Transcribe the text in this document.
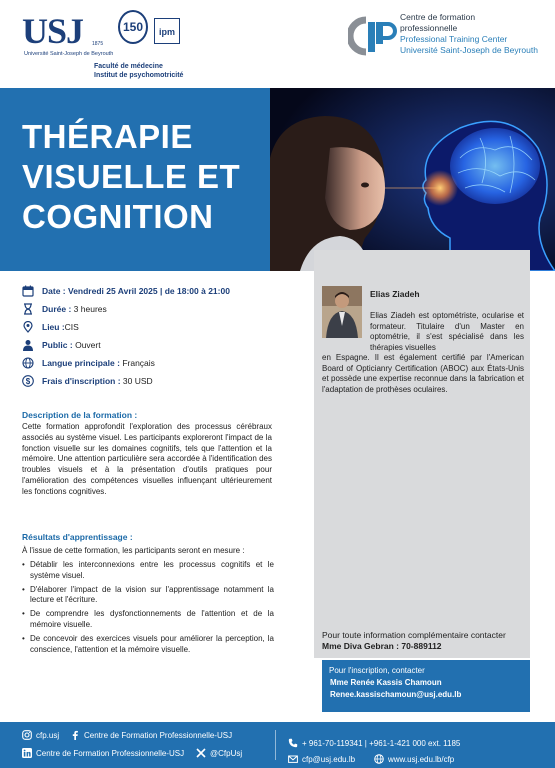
USJ 1875
Université Saint-Joseph de Beyrouth
150	ipm
Faculté de médecine
Institut de psychomotricité
Centre de formation
professionnelle
Professional Training Center
Université Saint-Joseph de Beyrouth
THÉRAPIE
VISUELLE ET
COGNITION
Date :
Vendredi 25 Avril 2025 | de 18:00 à 21:00
Durée :
3 heures
Lieu : CIS
Public :
Ouvert
Langue principale :
Français
$ Frais d'inscription :
30 USD
Elias Ziadeh
Elias Ziadeh est optométriste, ocularise et formateur. Titulaire d'un Master en optométrie, il s'est spécialisé dans les thérapies visuelles
en Espagne. Il est également certifié par l'American Board of Opticianry Certification (ABOC) aux États-Unis et possède une expertise reconnue dans la fabrication et l'adaptation de prothèses oculaires.
Pour toute information complémentaire contacter
Mme Diva Gebran : 70-889112
Description de la formation :
Cette formation approfondit l'exploration des processus cérébraux associés au système visuel. Les participants exploreront l'impact de la fonction visuelle sur les domaines cognitifs, tels que l'attention et la mémoire. Une attention particulière sera accordée à l'identification des troubles visuels et à la présentation d'outils pratiques pour l'amélioration des compétences visuelles influençant ultérieurement les fonctions cognitives.
Résultats d'apprentissage :
À l'issue de cette formation, les participants seront en mesure :
• Détablir les interconnexions entre les processus cognitifs et le système visuel.
• D'élaborer l'impact de la vision sur l'apprentissage notamment la lecture et l'écriture.
• De comprendre les dysfonctionnements de l'attention et de la mémoire visuelle.
• De concevoir des exercices visuels pour améliorer la perception, la conscience, l'attention et la mémoire visuelle.
Pour l'inscription, contacter
Mme Renée Kassis Chamoun
Renee.kassischamoun@usj.edu.lb
cfp.usj	Centre de Formation Professionnelle-USJ
Centre de Formation Professionnelle-USJ	@CfpUsj
+ 961-70-119341 | +961-1-421 000 ext. 1185
cfp@usj.edu.lb	www.usj.edu.lb/cfp
